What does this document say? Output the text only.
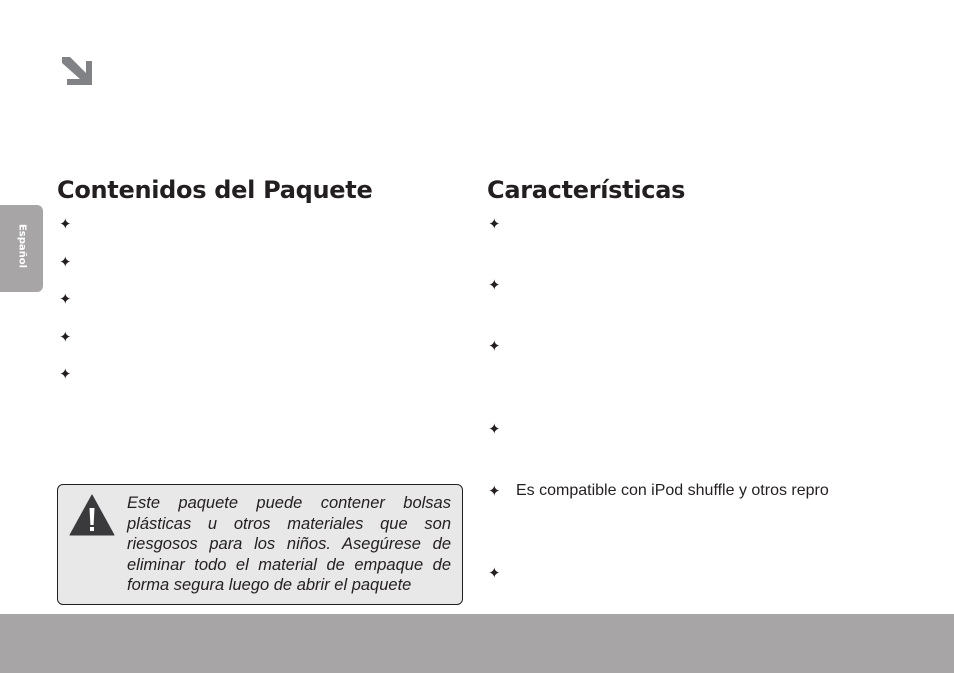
Español
Contenidos del Paquete
✦
✦
✦
✦
✦
Características
✦
✦
✦
✦
✦ Es compatible con iPod shuffle y otros repro
✦

Este paquete puede contener bolsas plásticas u otros materiales que son riesgosos para los niños. Asegúrese de eliminar todo el material de empaque de forma segura luego de abrir el paquete
